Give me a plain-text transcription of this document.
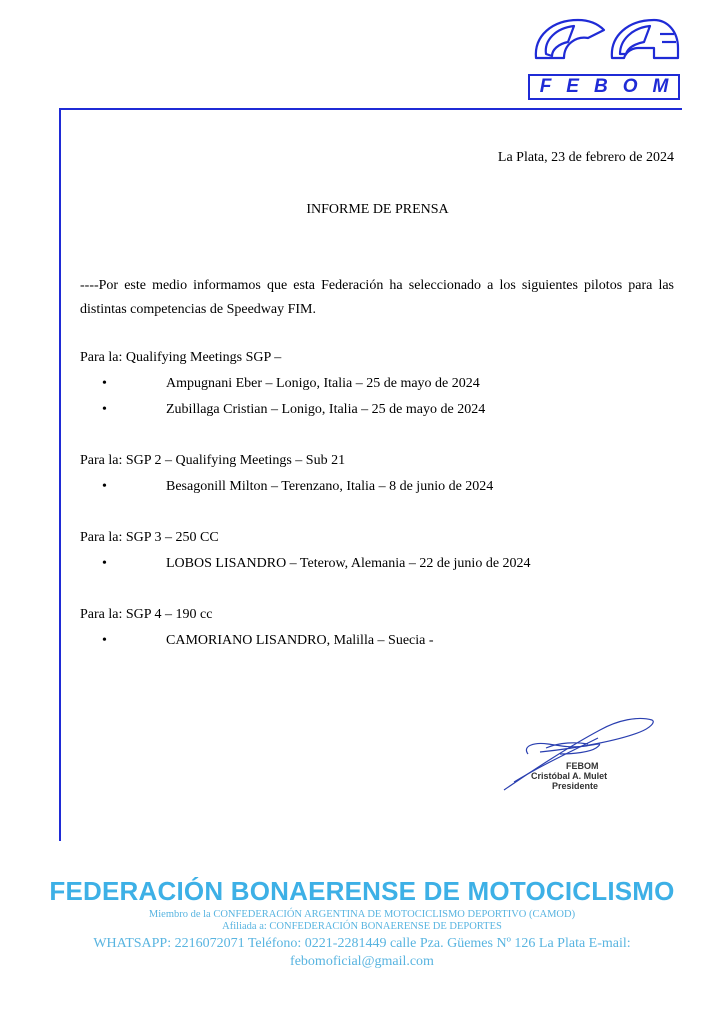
FEBOM
La Plata, 23 de febrero de 2024
INFORME DE PRENSA
----Por este medio informamos que esta Federación ha seleccionado a los siguientes pilotos para las distintas competencias de Speedway FIM.
Para la: Qualifying Meetings SGP –
•	Ampugnani Eber – Lonigo, Italia – 25 de mayo de 2024
•	Zubillaga Cristian – Lonigo, Italia – 25 de mayo de 2024
Para la: SGP 2 – Qualifying Meetings – Sub 21
•	Besagonill Milton – Terenzano, Italia – 8 de junio de 2024
Para la: SGP 3 – 250 CC
•	LOBOS LISANDRO – Teterow, Alemania – 22 de junio de 2024
Para la: SGP 4 – 190 cc
•	CAMORIANO LISANDRO, Malilla – Suecia -
FEBOM
Cristóbal A. Mulet
Presidente
FEDERACIÓN BONAERENSE DE MOTOCICLISMO
Miembro de la CONFEDERACIÓN ARGENTINA DE MOTOCICLISMO DEPORTIVO (CAMOD)
Afiliada a: CONFEDERACIÓN BONAERENSE DE DEPORTES
WHATSAPP: 2216072071 Teléfono: 0221-2281449 calle Pza. Güemes Nº 126 La Plata E-mail:
febomoficial@gmail.com
